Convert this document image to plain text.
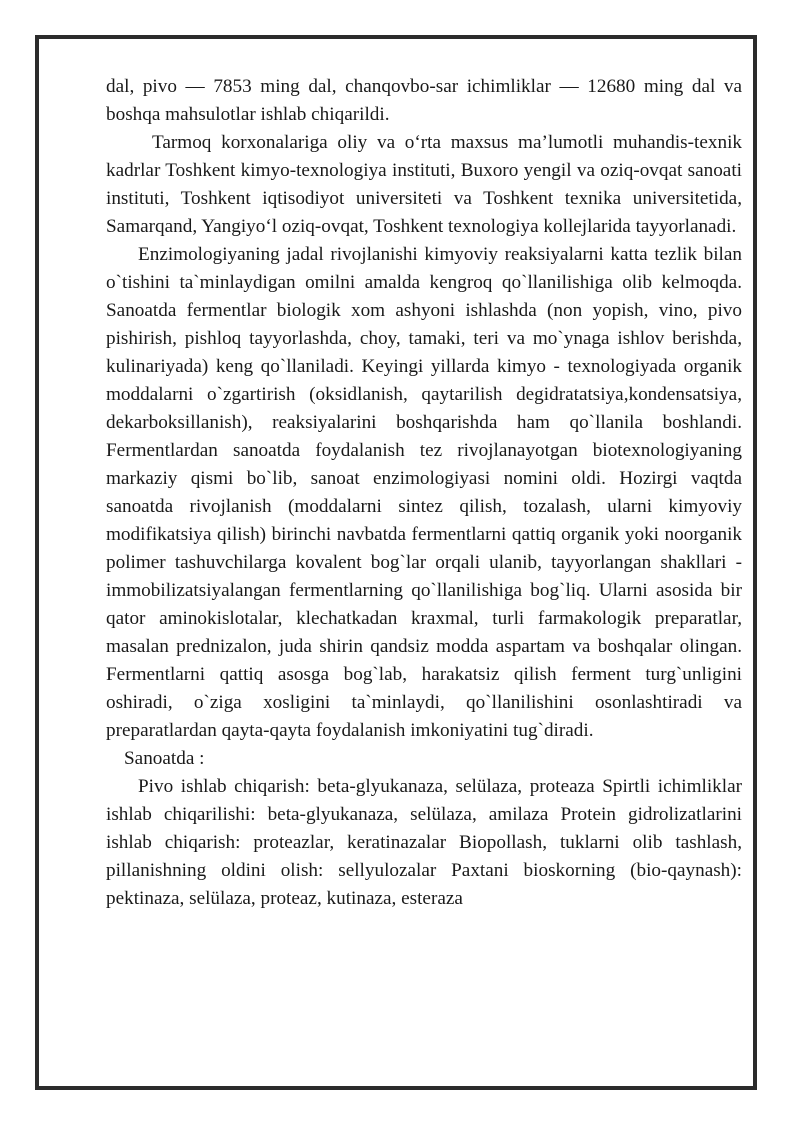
dal, pivo — 7853 ming dal, chanqovbo-sar ichimliklar — 12680 ming dal va boshqa mahsulotlar ishlab chiqarildi.

Tarmoq korxonalariga oliy va o‘rta maxsus ma’lumotli muhandis-texnik kadrlar Toshkent kimyo-texnologiya instituti, Buxoro yengil va oziq-ovqat sanoati instituti, Toshkent iqtisodiyot universiteti va Toshkent texnika universitetida, Samarqand, Yangiyo‘l oziq-ovqat, Toshkent texnologiya kollejlarida tayyorlanadi.

Enzimologiyaning jadal rivojlanishi kimyoviy reaksiyalarni katta tezlik bilan o`tishini ta`minlaydigan omilni amalda kengroq qo`llanilishiga olib kelmoqda. Sanoatda fermentlar biologik xom ashyoni ishlashda (non yopish, vino, pivo pishirish, pishloq tayyorlashda, choy, tamaki, teri va mo`ynaga ishlov berishda, kulinariyada) keng qo`llaniladi. Keyingi yillarda kimyo - texnologiyada organik moddalarni o`zgartirish (oksidlanish, qaytarilish degidratatsiya,kondensatsiya, dekarboksillanish), reaksiyalarini boshqarishda ham qo`llanila boshlandi. Fermentlardan sanoatda foydalanish tez rivojlanayotgan biotexnologiyaning markaziy qismi bo`lib, sanoat enzimologiyasi nomini oldi. Hozirgi vaqtda sanoatda rivojlanish (moddalarni sintez qilish, tozalash, ularni kimyoviy modifikatsiya qilish) birinchi navbatda fermentlarni qattiq organik yoki noorganik polimer tashuvchilarga kovalent bog`lar orqali ulanib, tayyorlangan shakllari -immobilizatsiyalangan fermentlarning qo`llanilishiga bog`liq. Ularni asosida bir qator aminokislotalar, klechatkadan kraxmal, turli farmakologik preparatlar, masalan prednizalon, juda shirin qandsiz modda aspartam va boshqalar olingan. Fermentlarni qattiq asosga bog`lab, harakatsiz qilish ferment turg`unligini oshiradi, o`ziga xosligini ta`minlaydi, qo`llanilishini osonlashtiradi va preparatlardan qayta-qayta foydalanish imkoniyatini tug`diradi.

Sanoatda :

Pivo ishlab chiqarish: beta-glyukanaza, selülaza, proteaza Spirtli ichimliklar ishlab chiqarilishi: beta-glyukanaza, selülaza, amilaza Protein gidrolizatlarini ishlab chiqarish: proteazlar, keratinazalar Biopollash, tuklarni olib tashlash, pillanishning oldini olish: sellyulozalar Paxtani bioskorning (bio-qaynash): pektinaza, selülaza, proteaz, kutinaza, esteraza
